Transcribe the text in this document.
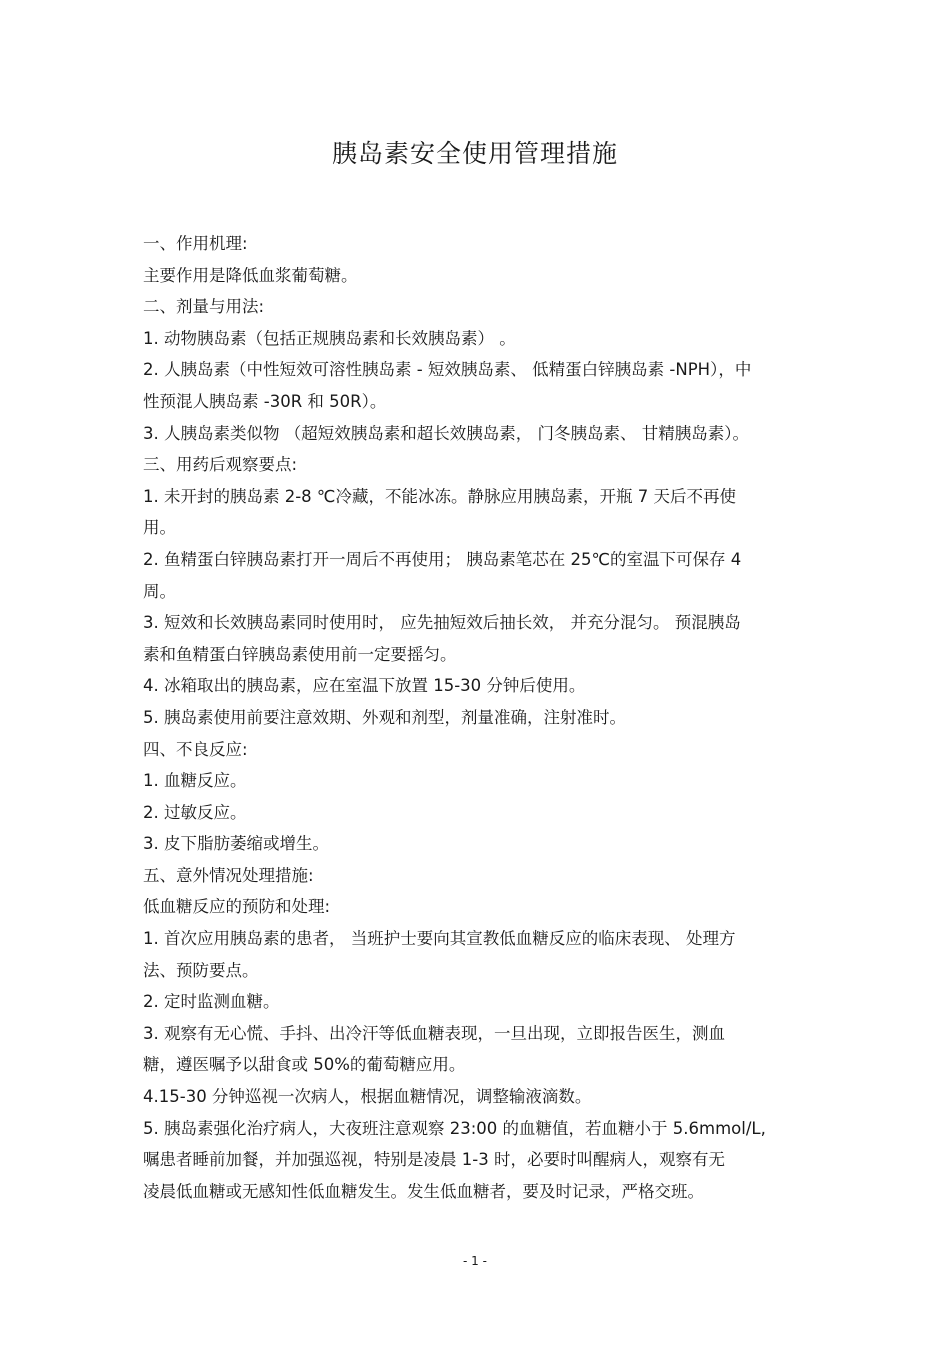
胰岛素安全使用管理措施
一、作用机理:
主要作用是降低血浆葡萄糖。
二、剂量与用法:
1. 动物胰岛素（包括正规胰岛素和长效胰岛素） 。
2. 人胰岛素（中性短效可溶性胰岛素 - 短效胰岛素、 低精蛋白锌胰岛素 -NPH），中
性预混人胰岛素 -30R 和 50R）。
3. 人胰岛素类似物 （超短效胰岛素和超长效胰岛素， 门冬胰岛素、 甘精胰岛素）。
三、用药后观察要点:
1. 未开封的胰岛素 2-8 ℃冷藏，不能冰冻。静脉应用胰岛素，开瓶 7 天后不再使
用。
2. 鱼精蛋白锌胰岛素打开一周后不再使用； 胰岛素笔芯在 25℃的室温下可保存 4
周。
3. 短效和长效胰岛素同时使用时， 应先抽短效后抽长效， 并充分混匀。 预混胰岛
素和鱼精蛋白锌胰岛素使用前一定要摇匀。
4. 冰箱取出的胰岛素，应在室温下放置 15-30 分钟后使用。
5. 胰岛素使用前要注意效期、外观和剂型，剂量准确，注射准时。
四、不良反应:
1. 血糖反应。
2. 过敏反应。
3. 皮下脂肪萎缩或增生。
五、意外情况处理措施:
低血糖反应的预防和处理:
1. 首次应用胰岛素的患者， 当班护士要向其宣教低血糖反应的临床表现、 处理方
法、预防要点。
2. 定时监测血糖。
3. 观察有无心慌、手抖、出冷汗等低血糖表现，一旦出现，立即报告医生，测血
糖，遵医嘱予以甜食或 50%的葡萄糖应用。
4.15-30 分钟巡视一次病人，根据血糖情况，调整输液滴数。
5. 胰岛素强化治疗病人，大夜班注意观察 23:00 的血糖值，若血糖小于 5.6mmol/L,
嘱患者睡前加餐，并加强巡视，特别是凌晨 1-3 时，必要时叫醒病人，观察有无
凌晨低血糖或无感知性低血糖发生。发生低血糖者，要及时记录，严格交班。
- 1 -
